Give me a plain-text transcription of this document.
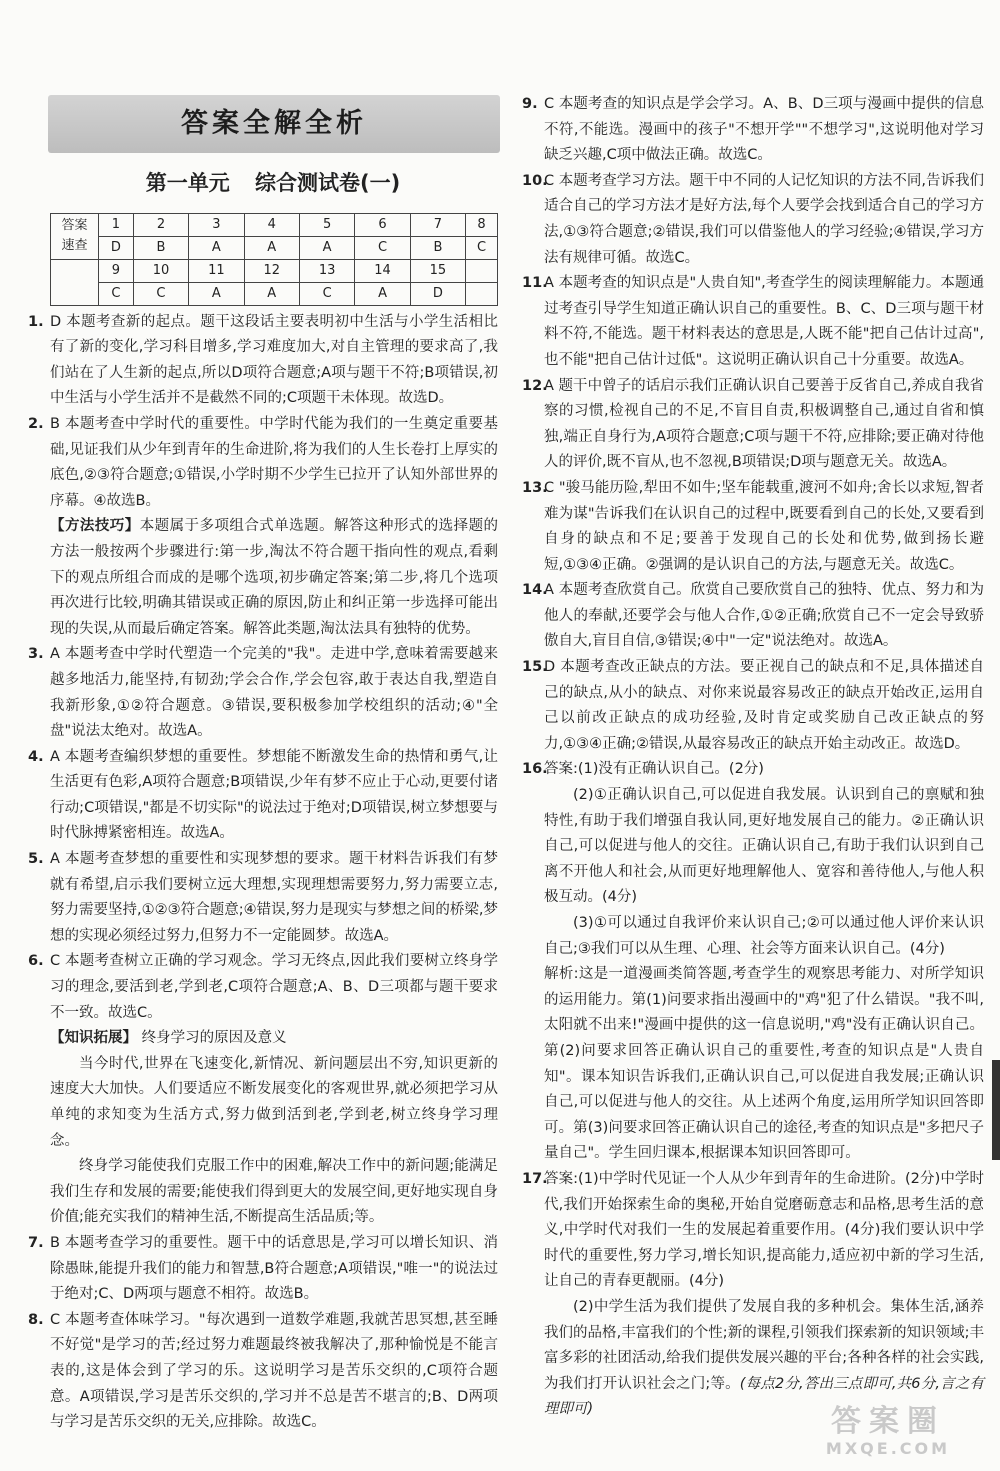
答案全解全析
第一单元 综合测试卷(一)
答案
速查	1	2	3	4	5	6	7	8
	D	B	A	A	A	C	B	C
	9	10	11	12	13	14	15	
	C	C	A	A	C	A	D	
1. D 本题考查新的起点。题干这段话主要表明初中生活与小学生活相比有了新的变化,学习科目增多,学习难度加大,对自主管理的要求高了,我们站在了人生新的起点,所以D项符合题意;A项与题干不符;B项错误,初中生活与小学生活并不是截然不同的;C项题干未体现。故选D。
2. B 本题考查中学时代的重要性。中学时代能为我们的一生奠定重要基础,见证我们从少年到青年的生命进阶,将为我们的人生长卷打上厚实的底色,②③符合题意;①错误,小学时期不少学生已拉开了认知外部世界的序幕。④故选B。
【方法技巧】本题属于多项组合式单选题。解答这种形式的选择题的方法一般按两个步骤进行:第一步,淘汰不符合题干指向性的观点,看剩下的观点所组合而成的是哪个选项,初步确定答案;第二步,将几个选项再次进行比较,明确其错误或正确的原因,防止和纠正第一步选择可能出现的失误,从而最后确定答案。解答此类题,淘汰法具有独特的优势。
3. A 本题考查中学时代塑造一个完美的"我"。走进中学,意味着需要越来越多地活力,能坚持,有韧劲;学会合作,学会包容,敢于表达自我,塑造自我新形象,①②符合题意。③错误,要积极参加学校组织的活动;④"全盘"说法太绝对。故选A。
4. A 本题考查编织梦想的重要性。梦想能不断激发生命的热情和勇气,让生活更有色彩,A项符合题意;B项错误,少年有梦不应止于心动,更要付诸行动;C项错误,"都是不切实际"的说法过于绝对;D项错误,树立梦想要与时代脉搏紧密相连。故选A。
5. A 本题考查梦想的重要性和实现梦想的要求。题干材料告诉我们有梦就有希望,启示我们要树立远大理想,实现理想需要努力,努力需要立志,努力需要坚持,①②③符合题意;④错误,努力是现实与梦想之间的桥梁,梦想的实现必须经过努力,但努力不一定能圆梦。故选A。
6. C 本题考查树立正确的学习观念。学习无终点,因此我们要树立终身学习的理念,要活到老,学到老,C项符合题意;A、B、D三项都与题干要求不一致。故选C。
【知识拓展】 终身学习的原因及意义
当今时代,世界在飞速变化,新情况、新问题层出不穷,知识更新的速度大大加快。人们要适应不断发展变化的客观世界,就必须把学习从单纯的求知变为生活方式,努力做到活到老,学到老,树立终身学习理念。
终身学习能使我们克服工作中的困难,解决工作中的新问题;能满足我们生存和发展的需要;能使我们得到更大的发展空间,更好地实现自身价值;能充实我们的精神生活,不断提高生活品质;等。
7. B 本题考查学习的重要性。题干中的话意思是,学习可以增长知识、消除愚昧,能提升我们的能力和智慧,B符合题意;A项错误,"唯一"的说法过于绝对;C、D两项与题意不相符。故选B。
8. C 本题考查体味学习。"每次遇到一道数学难题,我就苦思冥想,甚至睡不好觉"是学习的苦;经过努力难题最终被我解决了,那种愉悦是不能言表的,这是体会到了学习的乐。这说明学习是苦乐交织的,C项符合题意。A项错误,学习是苦乐交织的,学习并不总是苦不堪言的;B、D两项与学习是苦乐交织的无关,应排除。故选C。
9. C 本题考查的知识点是学会学习。A、B、D三项与漫画中提供的信息不符,不能选。漫画中的孩子"不想开学""不想学习",这说明他对学习缺乏兴趣,C项中做法正确。故选C。
10.
C 本题考查学习方法。题干中不同的人记忆知识的方法不同,告诉我们适合自己的学习方法才是好方法,每个人要学会找到适合自己的学习方法,①③符合题意;②错误,我们可以借鉴他人的学习经验;④错误,学习方法有规律可循。故选C。
11.
A 本题考查的知识点是"人贵自知",考查学生的阅读理解能力。本题通过考查引导学生知道正确认识自己的重要性。B、C、D三项与题干材料不符,不能选。题干材料表达的意思是,人既不能"把自己估计过高",也不能"把自己估计过低"。这说明正确认识自己十分重要。故选A。
12.
A 题干中曾子的话启示我们正确认识自己要善于反省自己,养成自我省察的习惯,检视自己的不足,不盲目自责,积极调整自己,通过自省和慎独,端正自身行为,A项符合题意;C项与题干不符,应排除;要正确对待他人的评价,既不盲从,也不忽视,B项错误;D项与题意无关。故选A。
13.
C "骏马能历险,犁田不如牛;坚车能载重,渡河不如舟;舍长以求短,智者难为谋"告诉我们在认识自己的过程中,既要看到自己的长处,又要看到自身的缺点和不足;要善于发现自己的长处和优势,做到扬长避短,①③④正确。②强调的是认识自己的方法,与题意无关。故选C。
14.
A 本题考查欣赏自己。欣赏自己要欣赏自己的独特、优点、努力和为他人的奉献,还要学会与他人合作,①②正确;欣赏自己不一定会导致骄傲自大,盲目自信,③错误;④中"一定"说法绝对。故选A。
15.
D 本题考查改正缺点的方法。要正视自己的缺点和不足,具体描述自己的缺点,从小的缺点、对你来说最容易改正的缺点开始改正,运用自己以前改正缺点的成功经验,及时肯定或奖励自己改正缺点的努力,①③④正确;②错误,从最容易改正的缺点开始主动改正。故选D。
16.
答案:(1)没有正确认识自己。(2分)
(2)①正确认识自己,可以促进自我发展。认识到自己的禀赋和独特性,有助于我们增强自我认同,更好地发展自己的能力。②正确认识自己,可以促进与他人的交往。正确认识自己,有助于我们认识到自己离不开他人和社会,从而更好地理解他人、宽容和善待他人,与他人积极互动。(4分)
(3)①可以通过自我评价来认识自己;②可以通过他人评价来认识自己;③我们可以从生理、心理、社会等方面来认识自己。(4分)
解析:这是一道漫画类简答题,考查学生的观察思考能力、对所学知识的运用能力。第(1)问要求指出漫画中的"鸡"犯了什么错误。"我不叫,太阳就不出来!"漫画中提供的这一信息说明,"鸡"没有正确认识自己。第(2)问要求回答正确认识自己的重要性,考查的知识点是"人贵自知"。课本知识告诉我们,正确认识自己,可以促进自我发展;正确认识自己,可以促进与他人的交往。从上述两个角度,运用所学知识回答即可。第(3)问要求回答正确认识自己的途径,考查的知识点是"多把尺子量自己"。学生回归课本,根据课本知识回答即可。
17.
答案:(1)中学时代见证一个人从少年到青年的生命进阶。(2分)中学时代,我们开始探索生命的奥秘,开始自觉磨砺意志和品格,思考生活的意义,中学时代对我们一生的发展起着重要作用。(4分)我们要认识中学时代的重要性,努力学习,增长知识,提高能力,适应初中新的学习生活,让自己的青春更靓丽。(4分)
(2)中学生活为我们提供了发展自我的多种机会。集体生活,涵养我们的品格,丰富我们的个性;新的课程,引领我们探索新的知识领域;丰富多彩的社团活动,给我们提供发展兴趣的平台;各种各样的社会实践,为我们打开认识社会之门;等。(每点2分,答出三点即可,共6分,言之有理即可)	答案圈
MXQE.COM
